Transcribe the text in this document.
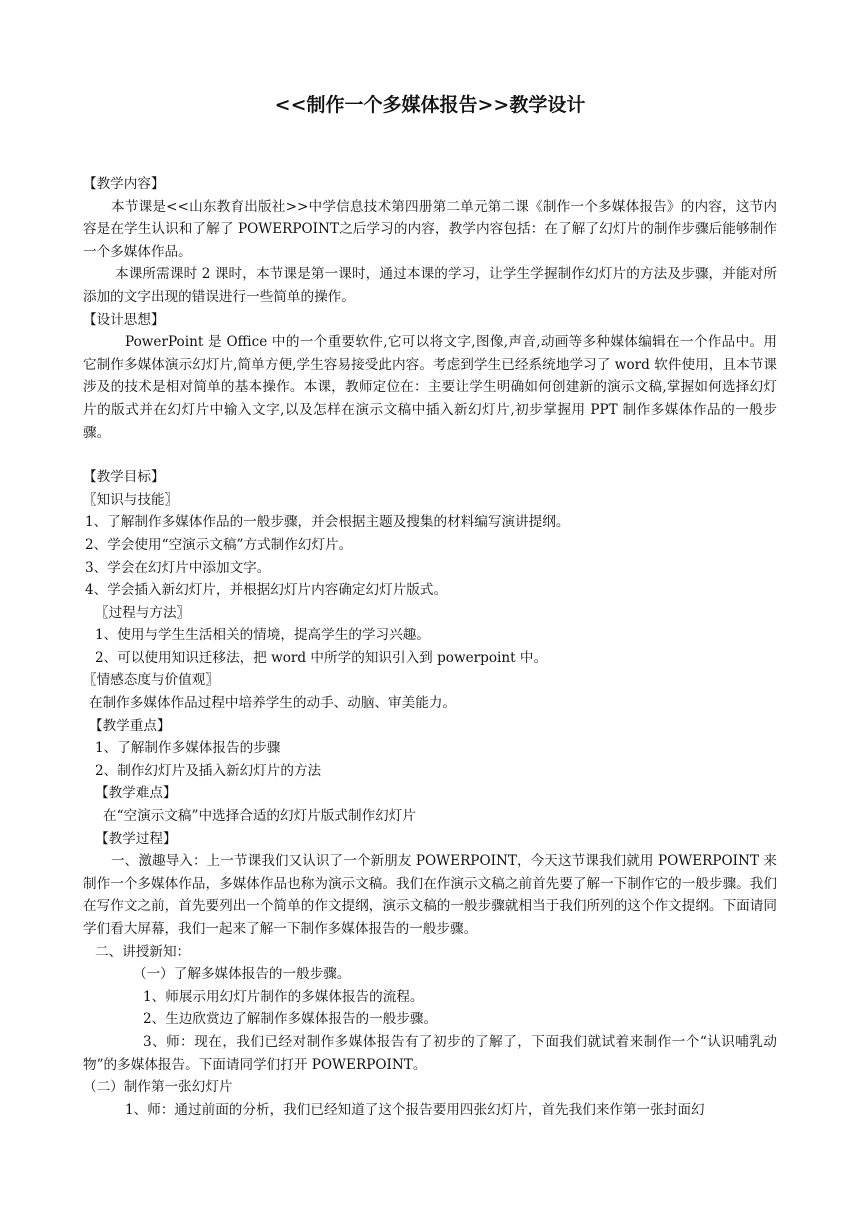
<<制作一个多媒体报告>>教学设计

【教学内容】

本节课是<<山东教育出版社>>中学信息技术第四册第二单元第二课《制作一个多媒体报告》的内容，这节内容是在学生认识和了解了 POWERPOINT之后学习的内容，教学内容包括：在了解了幻灯片的制作步骤后能够制作一个多媒体作品。

本课所需课时 2 课时，本节课是第一课时，通过本课的学习，让学生学握制作幻灯片的方法及步骤，并能对所添加的文字出现的错误进行一些简单的操作。

【设计思想】

PowerPoint 是 Office 中的一个重要软件,它可以将文字,图像,声音,动画等多种媒体编辑在一个作品中。用它制作多媒体演示幻灯片,简单方便,学生容易接受此内容。考虑到学生已经系统地学习了 word 软件使用，且本节课涉及的技术是相对简单的基本操作。本课，教师定位在：主要让学生明确如何创建新的演示文稿,掌握如何选择幻灯片的版式并在幻灯片中输入文字,以及怎样在演示文稿中插入新幻灯片,初步掌握用 PPT 制作多媒体作品的一般步骤。

【教学目标】

〖知识与技能〗

1、了解制作多媒体作品的一般步骤，并会根据主题及搜集的材料编写演讲提纲。

2、学会使用“空演示文稿”方式制作幻灯片。

3、学会在幻灯片中添加文字。

4、学会插入新幻灯片，并根据幻灯片内容确定幻灯片版式。

〖过程与方法〗

1、使用与学生生活相关的情境，提高学生的学习兴趣。

2、可以使用知识迁移法，把 word 中所学的知识引入到 powerpoint 中。

〖情感态度与价值观〗

在制作多媒体作品过程中培养学生的动手、动脑、审美能力。

【教学重点】

1、了解制作多媒体报告的步骤

2、制作幻灯片及插入新幻灯片的方法

【教学难点】

在“空演示文稿”中选择合适的幻灯片版式制作幻灯片

【教学过程】

一、激趣导入：上一节课我们又认识了一个新朋友 POWERPOINT，今天这节课我们就用 POWERPOINT 来制作一个多媒体作品，多媒体作品也称为演示文稿。我们在作演示文稿之前首先要了解一下制作它的一般步骤。我们在写作文之前，首先要列出一个简单的作文提纲，演示文稿的一般步骤就相当于我们所列的这个作文提纲。下面请同学们看大屏幕，我们一起来了解一下制作多媒体报告的一般步骤。

二、讲授新知：

（一）了解多媒体报告的一般步骤。

1、师展示用幻灯片制作的多媒体报告的流程。

2、生边欣赏边了解制作多媒体报告的一般步骤。

3、师：现在，我们已经对制作多媒体报告有了初步的了解了，下面我们就试着来制作一个“认识哺乳动物”的多媒体报告。下面请同学们打开 POWERPOINT。

（二）制作第一张幻灯片

1、师：通过前面的分析，我们已经知道了这个报告要用四张幻灯片，首先我们来作第一张封面幻
